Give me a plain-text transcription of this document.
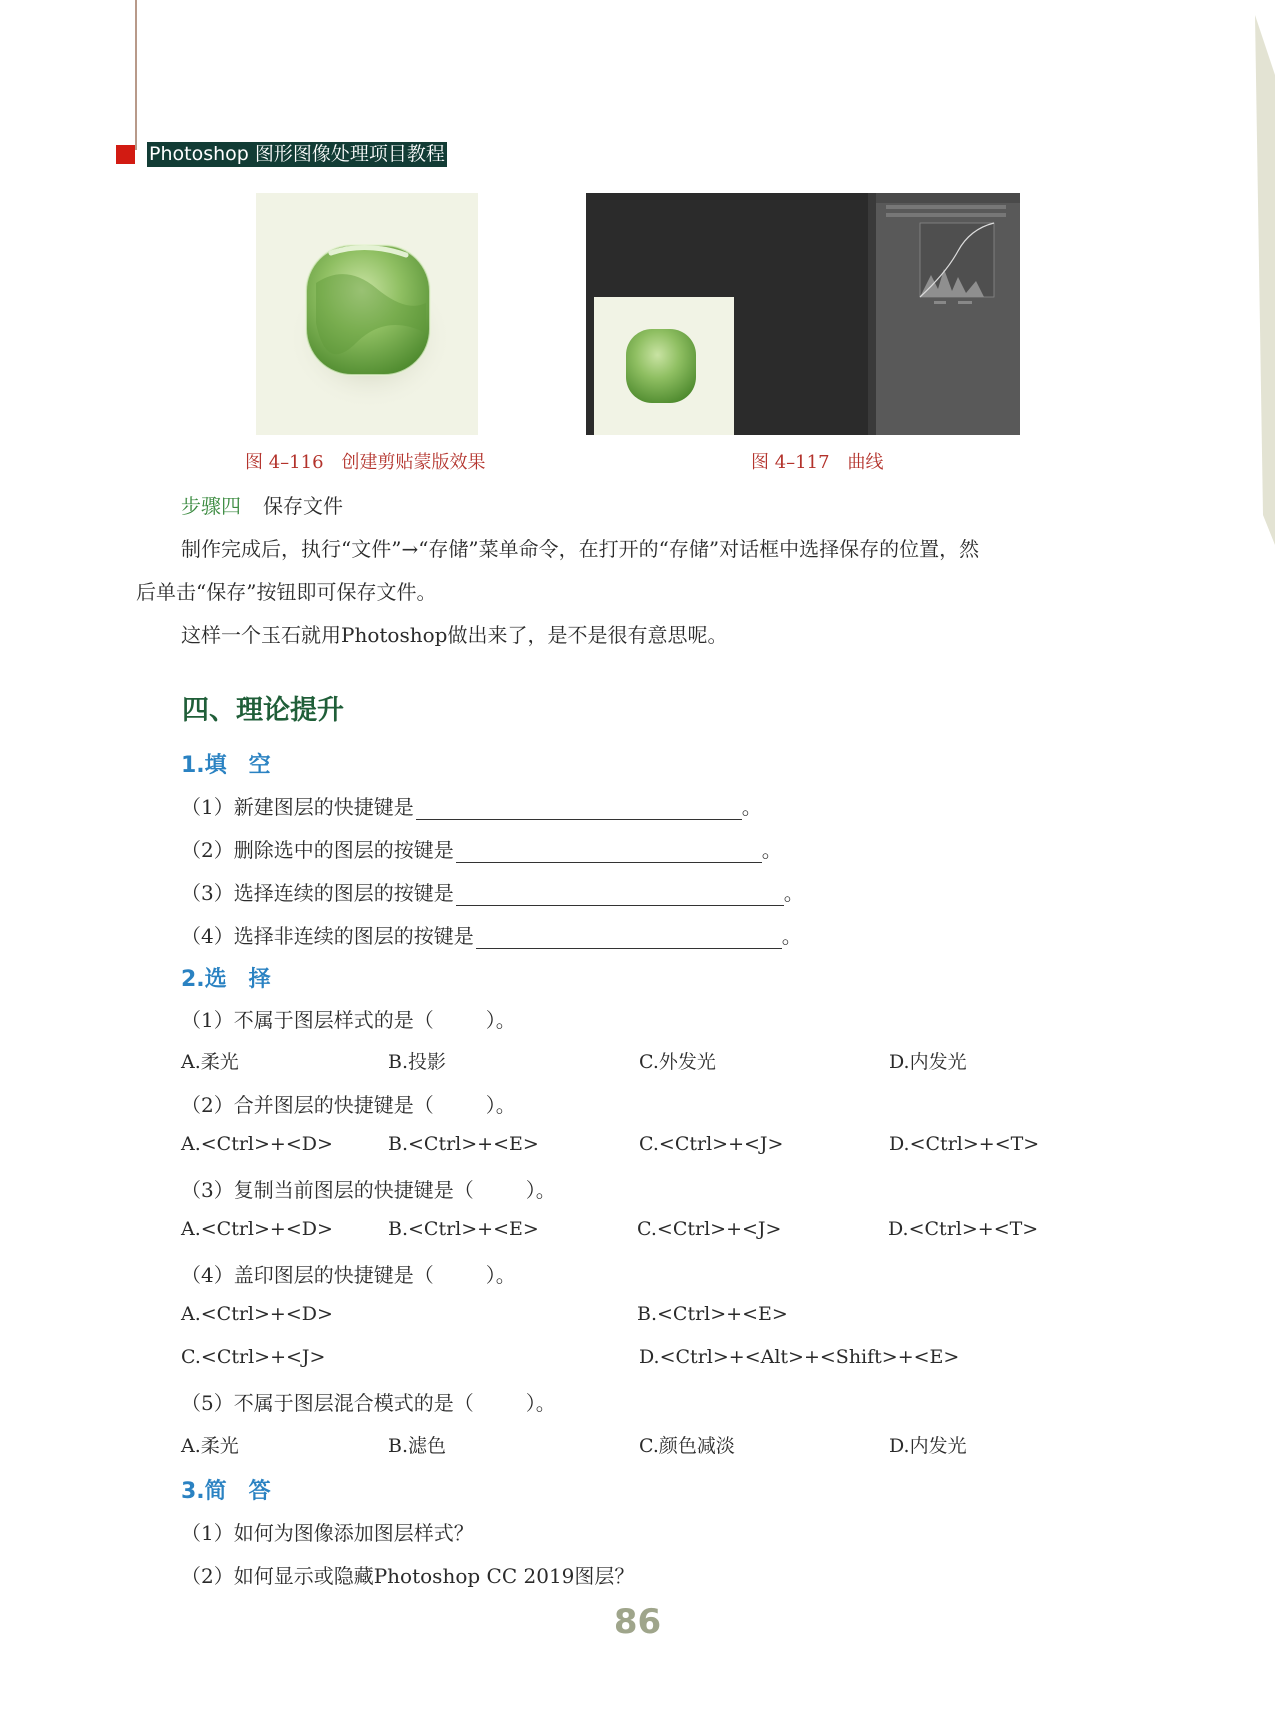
Photoshop 图形图像处理项目教程
图 4–116　创建剪贴蒙版效果	图 4–117　曲线
步骤四 保存文件
制作完成后，执行“文件”→“存储”菜单命令，在打开的“存储”对话框中选择保存的位置，然
后单击“保存”按钮即可保存文件。
这样一个玉石就用Photoshop做出来了，是不是很有意思呢。
四、理论提升
1.填　空
（1）新建图层的快捷键是	。
（2）删除选中的图层的按键是	。
（3）选择连续的图层的按键是	。
（4）选择非连续的图层的按键是	。
2.选　择
（1）不属于图层样式的是（	）。
A.柔光	B.投影	C.外发光	D.内发光
（2）合并图层的快捷键是（	）。
A.<Ctrl>+<D>	B.<Ctrl>+<E>	C.<Ctrl>+<J>	D.<Ctrl>+<T>
（3）复制当前图层的快捷键是（	）。
A.<Ctrl>+<D>	B.<Ctrl>+<E>	C.<Ctrl>+<J>	D.<Ctrl>+<T>
（4）盖印图层的快捷键是（	）。
A.<Ctrl>+<D>	B.<Ctrl>+<E>
C.<Ctrl>+<J>	D.<Ctrl>+<Alt>+<Shift>+<E>
（5）不属于图层混合模式的是（	）。
A.柔光	B.滤色	C.颜色减淡	D.内发光
3.简　答
（1）如何为图像添加图层样式？
（2）如何显示或隐藏Photoshop CC 2019图层？
86
